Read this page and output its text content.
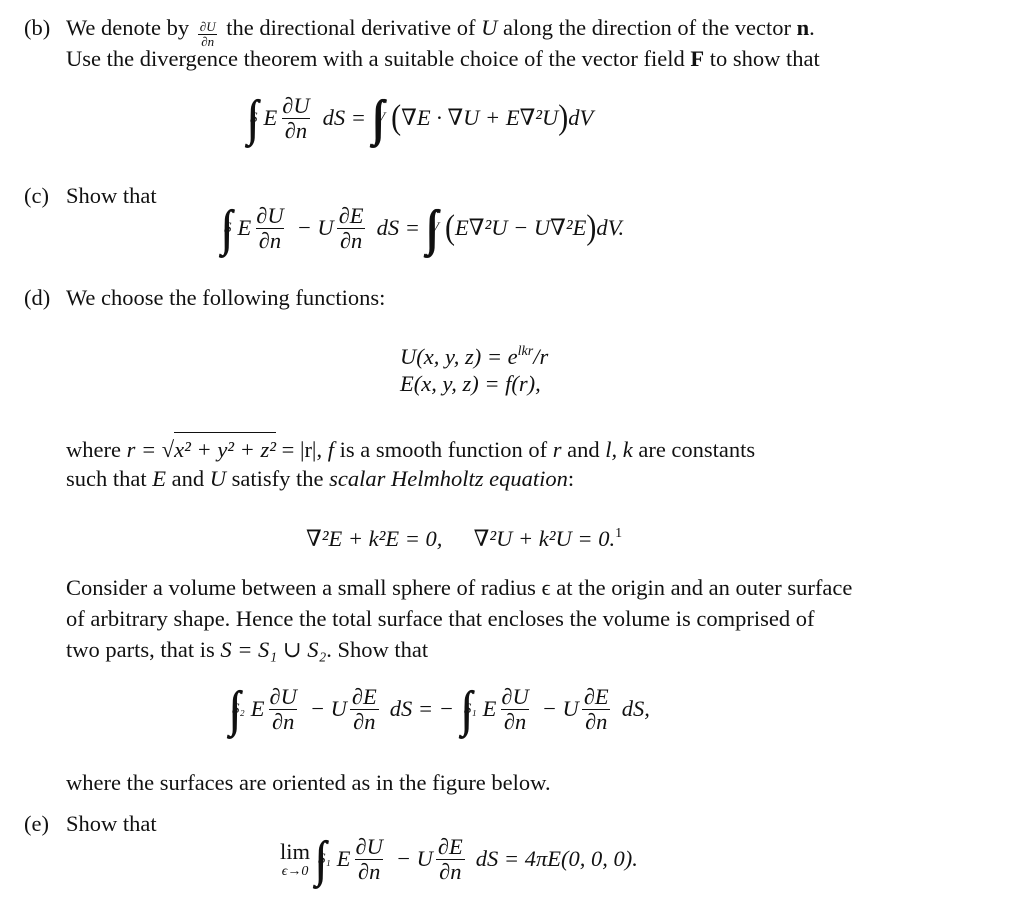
(b) We denote by $\frac{\partial U}{\partial n}$ the directional derivative of U along the direction of the vector n.
Use the divergence theorem with a suitable choice of the vector field F to show that
S E $\frac{\partial U}{\partial n}$ dS = V ( ∇E · ∇U + E∇²U ) dV
(c) Show that
S E $\frac{\partial U}{\partial n} - U \frac{\partial E}{\partial n}$ dS = V ( E∇²U − U∇²E ) dV.
(d) We choose the following functions:
U(x, y, $z) = e^{lkr}/r$
E(x, y, z) = f(r),
where r = √x² + y² + z² = |r|, f is a smooth function of r and l, k are constants
such that E and U satisfy the scalar Helmholtz equation:
∇²E + k²E = 0, ∇²U + k²U = 0.$^1$
Consider a volume between a small sphere of radius ϵ at the origin and an outer surface
of arbitrary shape. Hence the total surface that encloses the volume is comprised of
two parts, that is S = S₁ ∪ S₂. Show that
S₂ E $\frac{\partial U}{\partial n} - U \frac{\partial E}{\partial n}$ dS = − S₁ E $\frac{\partial U}{\partial n} - U \frac{\partial E}{\partial n}$ dS,
where the surfaces are oriented as in the figure below.
(e) Show that
lim
ϵ→0
S₁ E $\frac{\partial U}{\partial n} - U \frac{\partial E}{\partial n}$ dS = 4πE(0, 0, 0).
